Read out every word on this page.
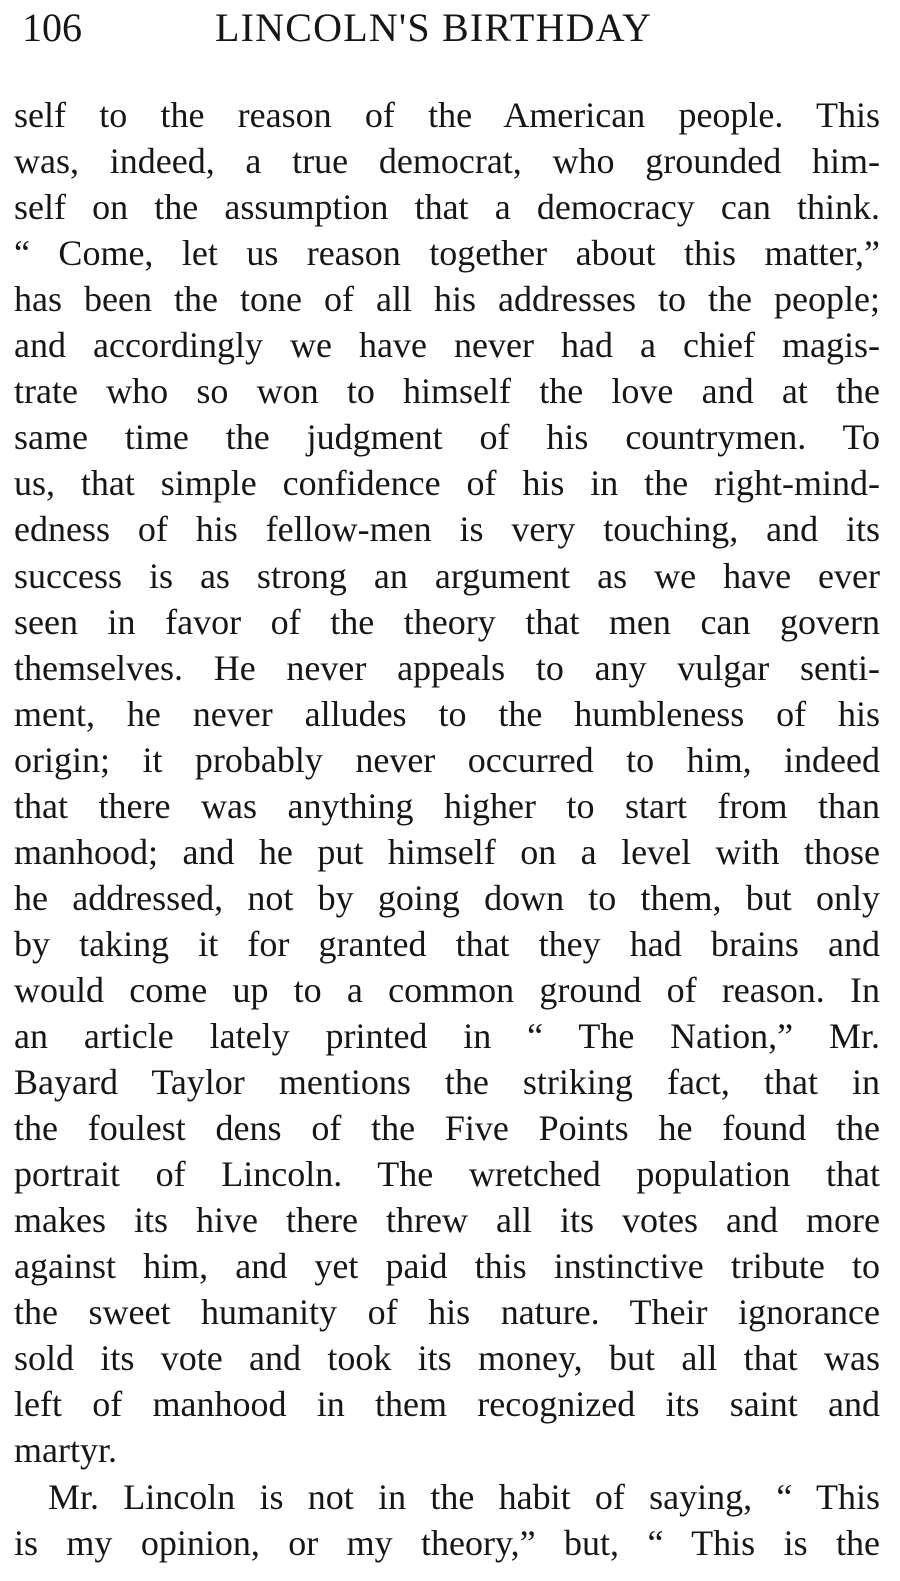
106	LINCOLN'S BIRTHDAY
self to the reason of the American people. This
was, indeed, a true democrat, who grounded him-
self on the assumption that a democracy can think.
“ Come, let us reason together about this matter,”
has been the tone of all his addresses to the people;
and accordingly we have never had a chief magis-
trate who so won to himself the love and at the
same time the judgment of his countrymen. To
us, that simple confidence of his in the right-mind-
edness of his fellow-men is very touching, and its
success is as strong an argument as we have ever
seen in favor of the theory that men can govern
themselves. He never appeals to any vulgar senti-
ment, he never alludes to the humbleness of his
origin; it probably never occurred to him, indeed
that there was anything higher to start from than
manhood; and he put himself on a level with those
he addressed, not by going down to them, but only
by taking it for granted that they had brains and
would come up to a common ground of reason. In
an article lately printed in “ The Nation,” Mr.
Bayard Taylor mentions the striking fact, that in
the foulest dens of the Five Points he found the
portrait of Lincoln. The wretched population that
makes its hive there threw all its votes and more
against him, and yet paid this instinctive tribute to
the sweet humanity of his nature. Their ignorance
sold its vote and took its money, but all that was
left of manhood in them recognized its saint and
martyr.
Mr. Lincoln is not in the habit of saying, “ This
is my opinion, or my theory,” but, “ This is the
